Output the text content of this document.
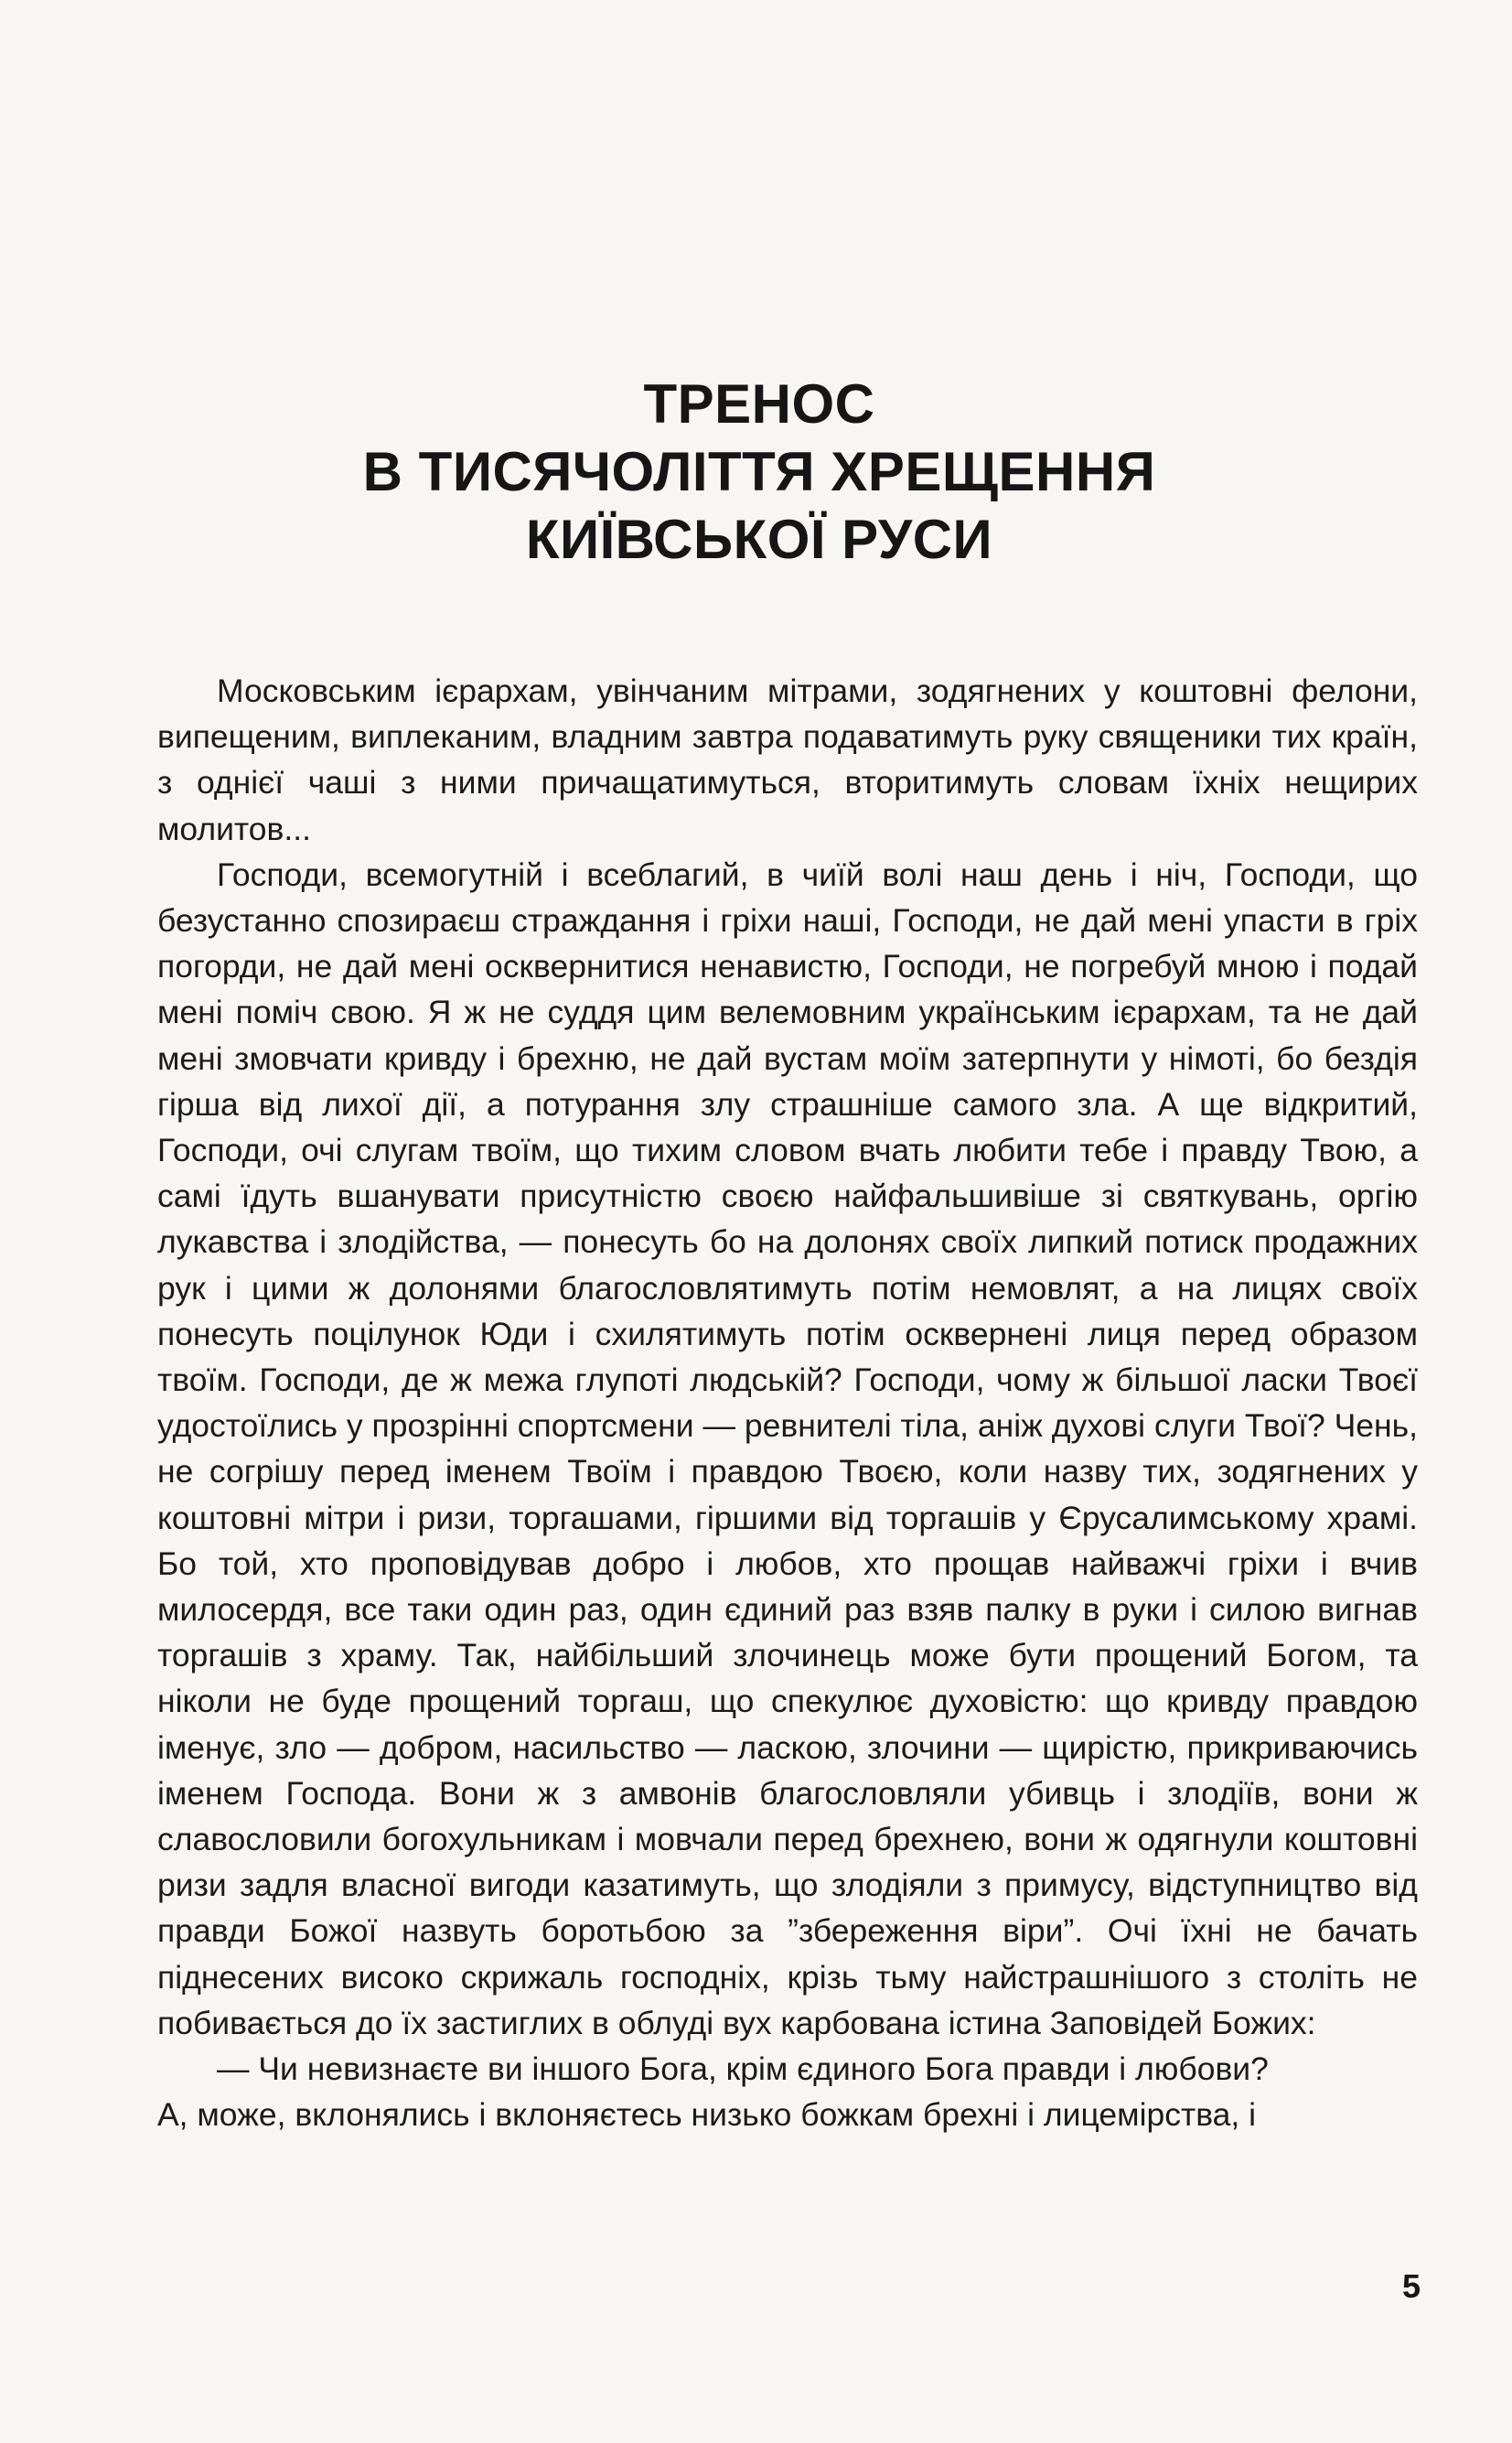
ТРЕНОС
В ТИСЯЧОЛІТТЯ ХРЕЩЕННЯ
КИЇВСЬКОЇ РУСИ

Московським ієрархам, увінчаним мітрами, зодягнених у коштовні фелони, випещеним, виплеканим, владним завтра подаватимуть руку священики тих країн, з однієї чаші з ними причащатимуться, вторитимуть словам їхніх нещирих молитов...

Господи, всемогутній і всеблагий, в чиїй волі наш день і ніч, Господи, що безустанно спозираєш страждання і гріхи наші, Господи, не дай мені упасти в гріх погорди, не дай мені осквернитися ненавистю, Господи, не погребуй мною і подай мені поміч свою. Я ж не суддя цим велемовним українським ієрархам, та не дай мені змовчати кривду і брехню, не дай вустам моїм затерпнути у німоті, бо бездія гірша від лихої дії, а потурання злу страшніше самого зла. А ще відкритий, Господи, очі слугам твоїм, що тихим словом вчать любити тебе і правду Твою, а самі їдуть вшанувати присутністю своєю найфальшивіше зі святкувань, оргію лукавства і злодійства, — понесуть бо на долонях своїх липкий потиск продажних рук і цими ж долонями благословлятимуть потім немовлят, а на лицях своїх понесуть поцілунок Юди і схилятимуть потім осквернені лиця перед образом твоїм. Господи, де ж межа глупоті людській? Господи, чому ж більшої ласки Твоєї удостоїлись у прозрінні спортсмени — ревнителі тіла, аніж духові слуги Твої? Чень, не согрішу перед іменем Твоїм і правдою Твоєю, коли назву тих, зодягнених у коштовні мітри і ризи, торгашами, гіршими від торгашів у Єрусалимському храмі. Бо той, хто проповідував добро і любов, хто прощав найважчі гріхи і вчив милосердя, все таки один раз, один єдиний раз взяв палку в руки і силою вигнав торгашів з храму. Так, найбільший злочинець може бути прощений Богом, та ніколи не буде прощений торгаш, що спекулює духовістю: що кривду правдою іменує, зло — добром, насильство — ласкою, злочини — щирістю, прикриваючись іменем Господа. Вони ж з амвонів благословляли убивць і злодіїв, вони ж славословили богохульникам і мовчали перед брехнею, вони ж одягнули коштовні ризи задля власної вигоди казатимуть, що злодіяли з примусу, відступництво від правди Божої назвуть боротьбою за ”збереження віри”. Очі їхні не бачать піднесених високо скрижаль господніх, крізь тьму найстрашнішого з століть не побивається до їх застиглих в облуді вух карбована істина Заповідей Божих:

— Чи невизнаєте ви іншого Бога, крім єдиного Бога правди і любови?

А, може, вклонялись і вклоняєтесь низько божкам брехні і лицемірства, і

5
